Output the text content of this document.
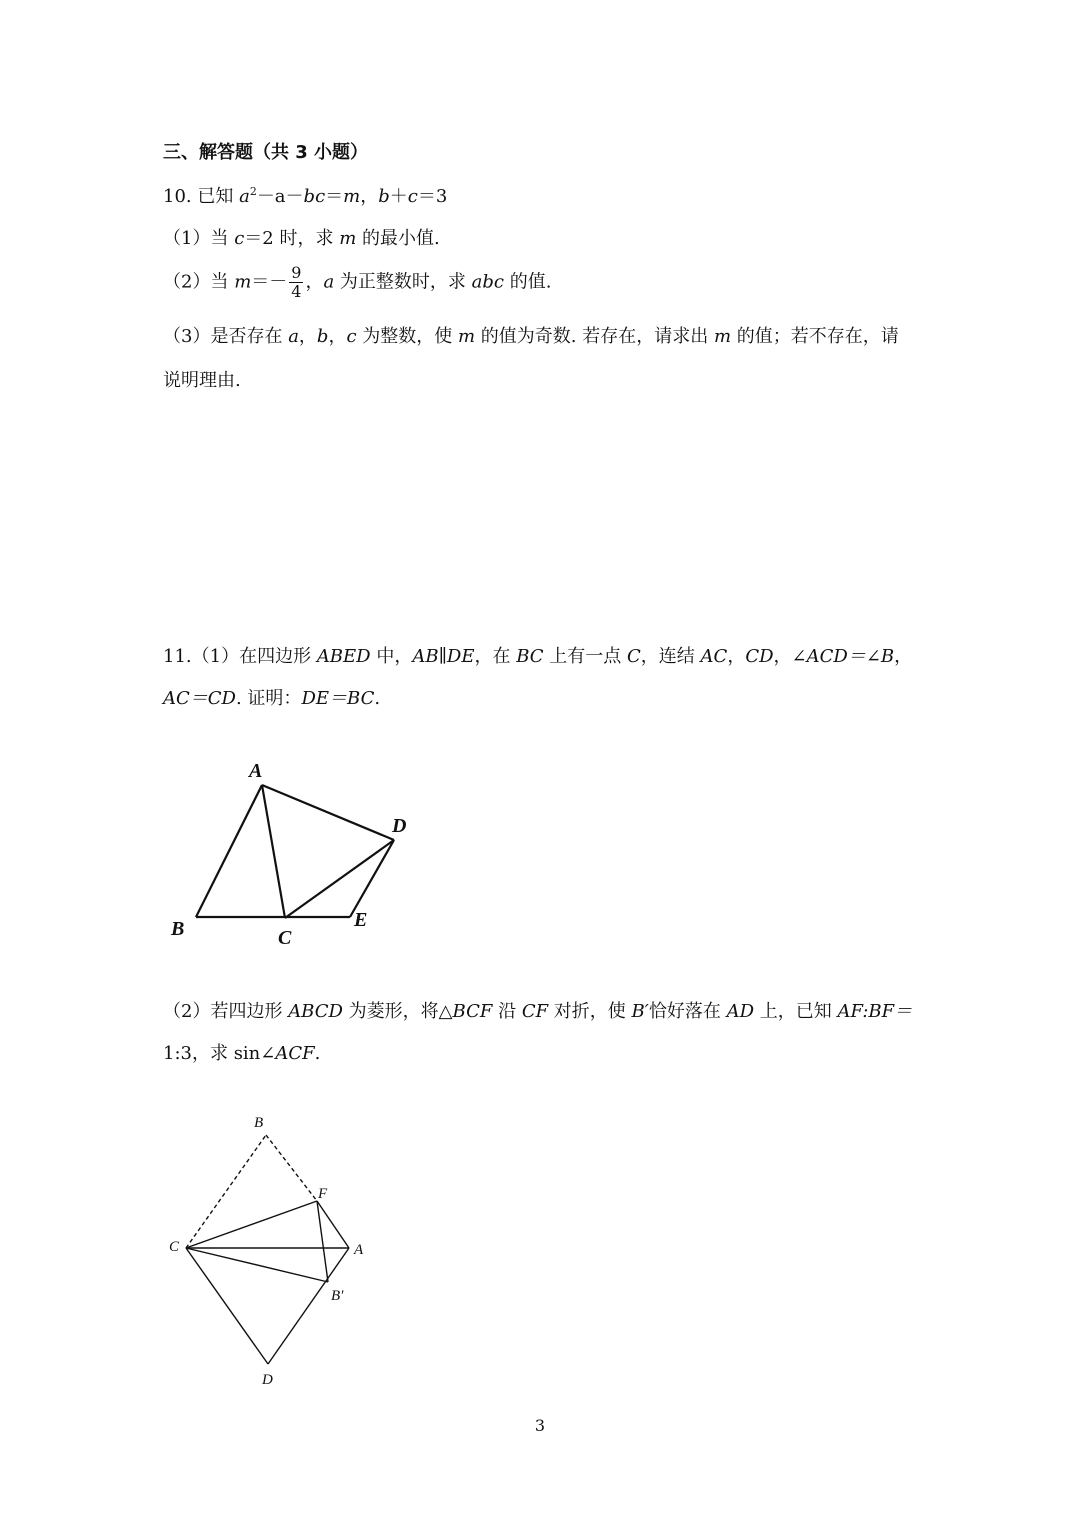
三、解答题（共 3 小题）
10. 已知 $a^2-a-bc=m$，b＋c＝3
（1）当 c＝2 时，求 m 的最小值.
（2）当 $m=- \frac{9}{4}$ ，a 为正整数时，求 abc 的值.
（3）是否存在 a，b，c 为整数，使 m 的值为奇数. 若存在，请求出 m 的值；若不存在，请
说明理由.
11.（1）在四边形 ABED 中，AB∥DE，在 BC 上有一点 C，连结 AC，CD，∠ACD＝∠B，
AC＝CD. 证明：DE＝BC.
A
D
B	C
E
（2）若四边形 ABCD 为菱形，将△BCF 沿 CF 对折，使 B′恰好落在 AD 上，已知 AF:BF＝
1:3，求 sin∠ACF.
B
F
C	A
B′
D
3
